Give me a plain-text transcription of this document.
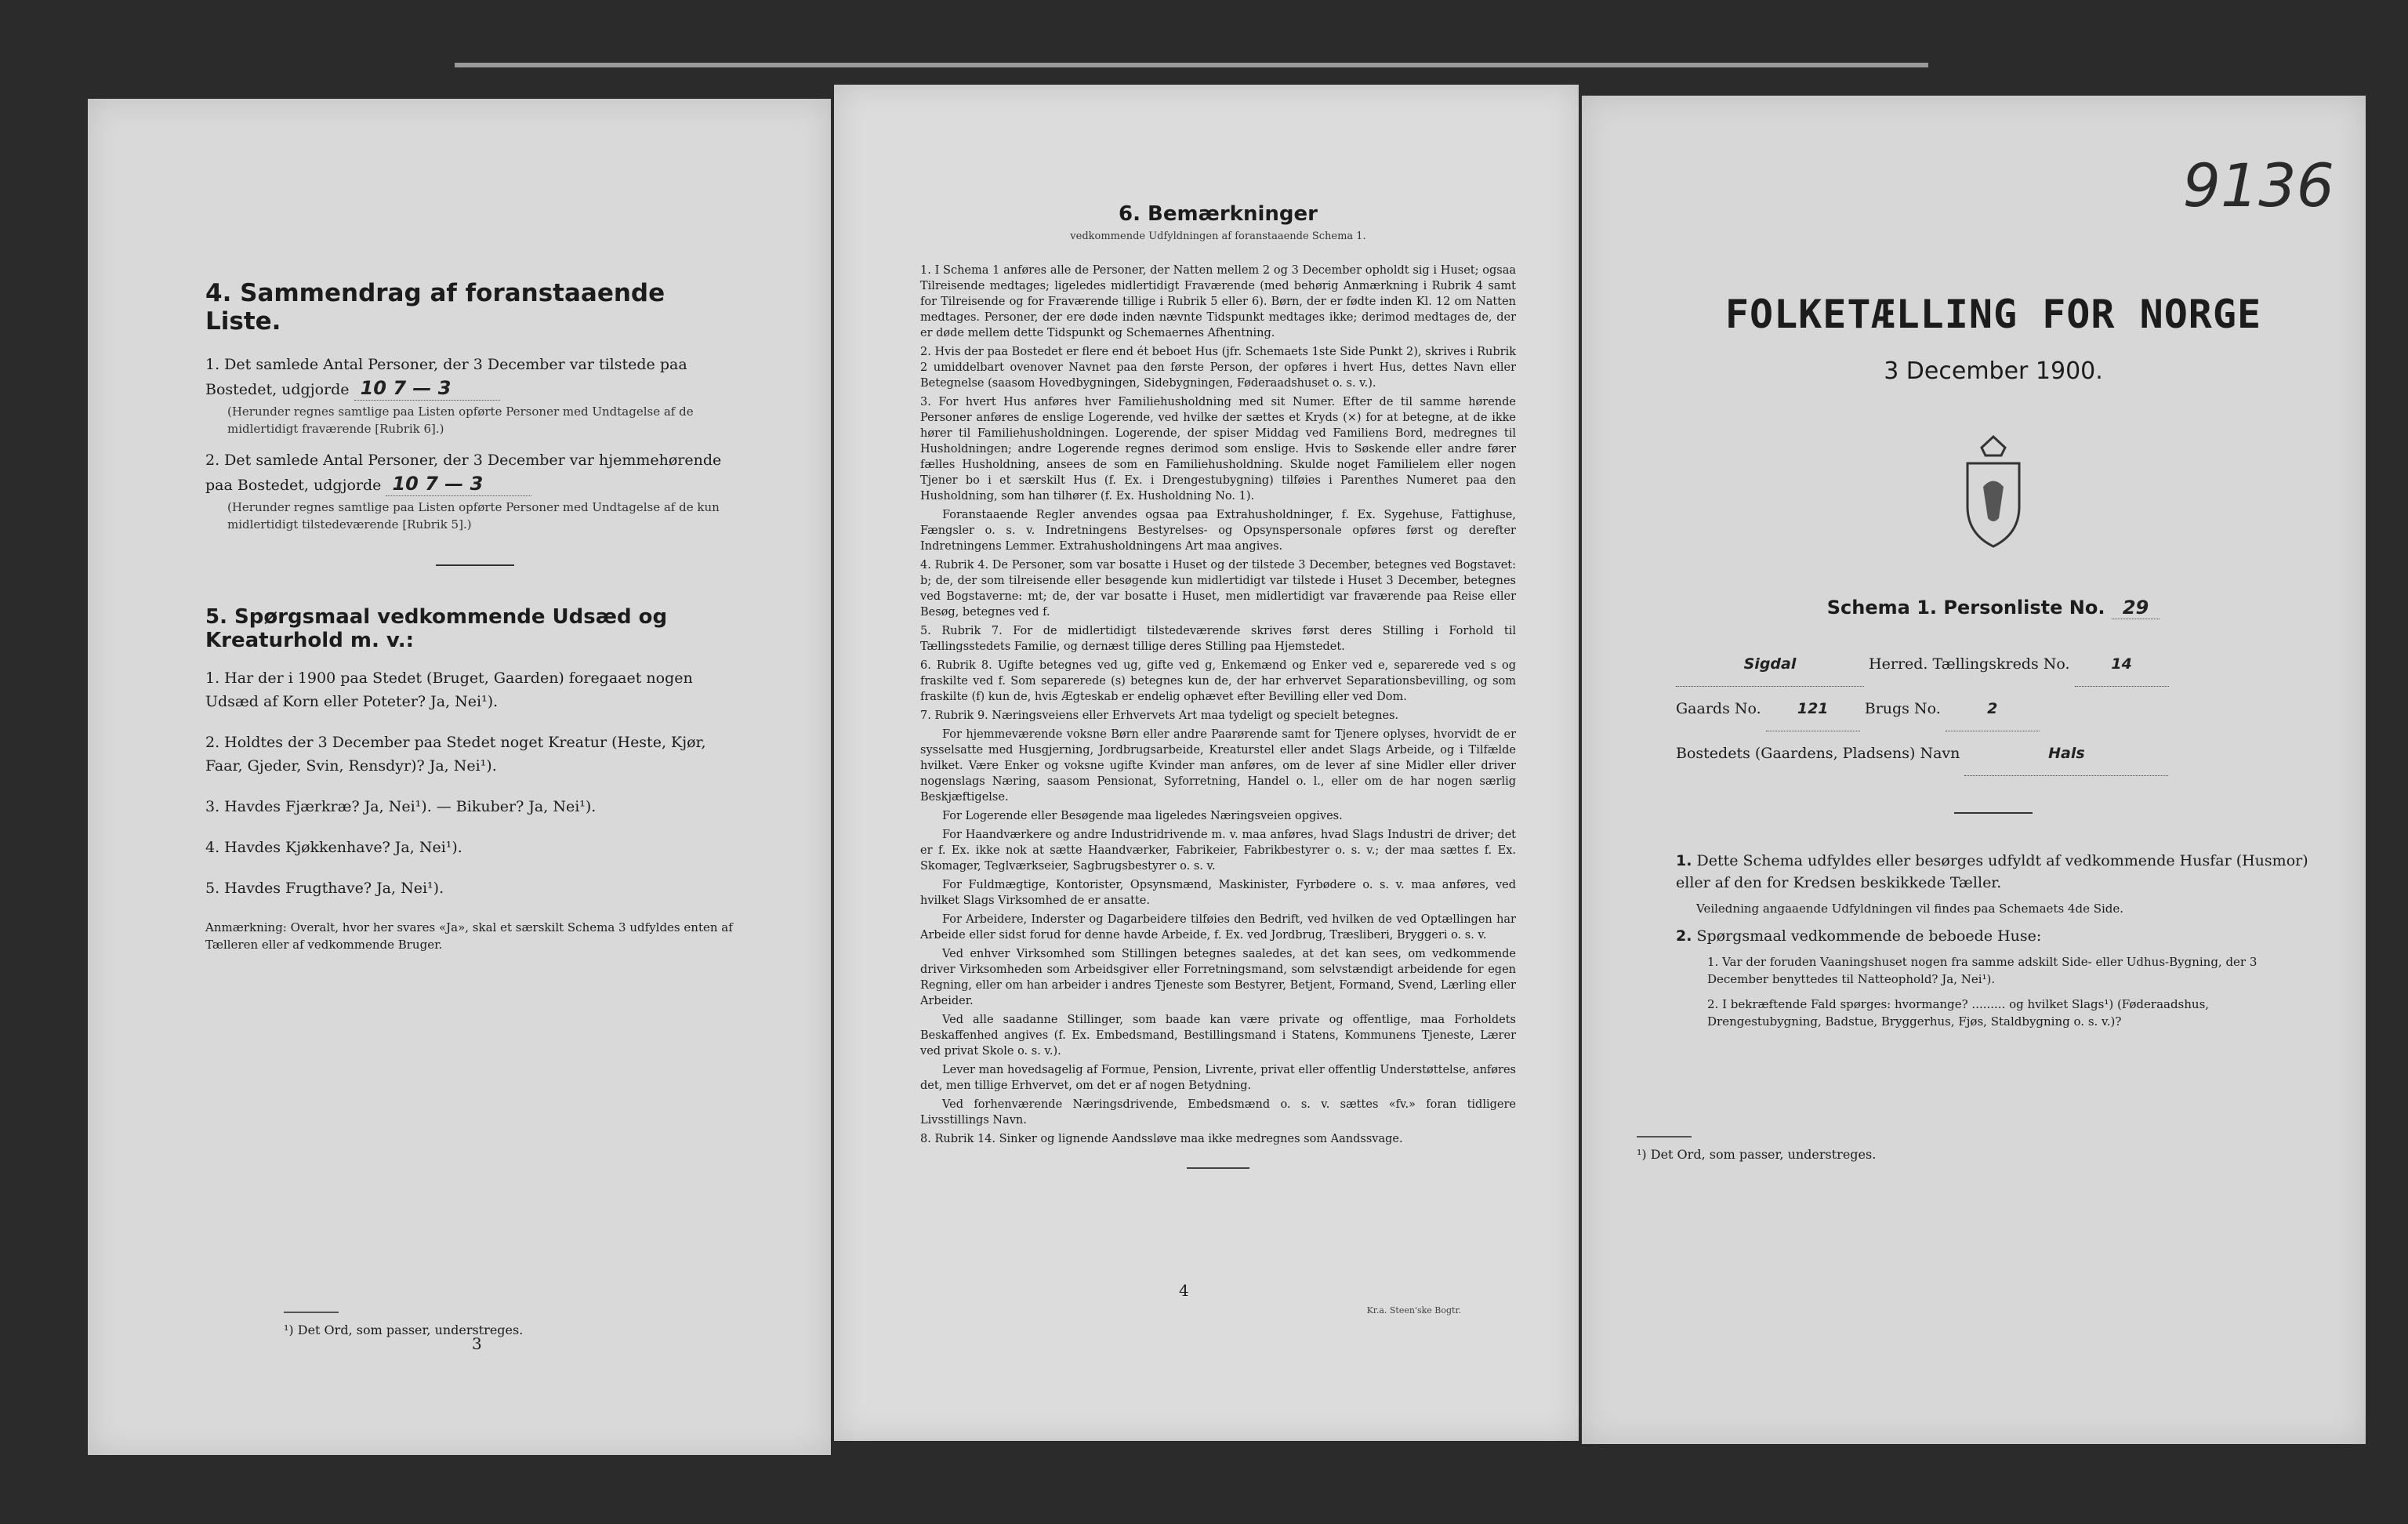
4. Sammendrag af foranstaaende Liste.

1. Det samlede Antal Personer, der 3 December var tilstede paa Bostedet, udgjorde 10 7 — 3

(Herunder regnes samtlige paa Listen opførte Personer med Undtagelse af de midlertidigt fraværende [Rubrik 6].)

2. Det samlede Antal Personer, der 3 December var hjemmehørende paa Bostedet, udgjorde 10 7 — 3

(Herunder regnes samtlige paa Listen opførte Personer med Undtagelse af de kun midlertidigt tilstedeværende [Rubrik 5].)

5. Spørgsmaal vedkommende Udsæd og Kreaturhold m. v.:

1. Har der i 1900 paa Stedet (Bruget, Gaarden) foregaaet nogen Udsæd af Korn eller Poteter? Ja, Nei¹).

2. Holdtes der 3 December paa Stedet noget Kreatur (Heste, Kjør, Faar, Gjeder, Svin, Rensdyr)? Ja, Nei¹).

3. Havdes Fjærkræ? Ja, Nei¹). — Bikuber? Ja, Nei¹).

4. Havdes Kjøkkenhave? Ja, Nei¹).

5. Havdes Frugthave? Ja, Nei¹).

Anmærkning: Overalt, hvor her svares «Ja», skal et særskilt Schema 3 udfyldes enten af Tælleren eller af vedkommende Bruger.

¹) Det Ord, som passer, understreges.
3
6. Bemærkninger

vedkommende Udfyldningen af foranstaaende Schema 1.

1. I Schema 1 anføres alle de Personer, der Natten mellem 2 og 3 December opholdt sig i Huset; ogsaa Tilreisende medtages; ligeledes midlertidigt Fraværende (med behørig Anmærkning i Rubrik 4 samt for Tilreisende og for Fraværende tillige i Rubrik 5 eller 6). Børn, der er fødte inden Kl. 12 om Natten medtages. Personer, der ere døde inden nævnte Tidspunkt medtages ikke; derimod medtages de, der er døde mellem dette Tidspunkt og Schemaernes Afhentning.

2. Hvis der paa Bostedet er flere end ét beboet Hus (jfr. Schemaets 1ste Side Punkt 2), skrives i Rubrik 2 umiddelbart ovenover Navnet paa den første Person, der opføres i hvert Hus, dettes Navn eller Betegnelse (saasom Hovedbygningen, Sidebygningen, Føderaadshuset o. s. v.).

3. For hvert Hus anføres hver Familiehusholdning med sit Numer. Efter de til samme hørende Personer anføres de enslige Logerende, ved hvilke der sættes et Kryds (×) for at betegne, at de ikke hører til Familiehusholdningen. Logerende, der spiser Middag ved Familiens Bord, medregnes til Husholdningen; andre Logerende regnes derimod som enslige. Hvis to Søskende eller andre fører fælles Husholdning, ansees de som en Familiehusholdning. Skulde noget Familielem eller nogen Tjener bo i et særskilt Hus (f. Ex. i Drengestubygning) tilføies i Parenthes Numeret paa den Husholdning, som han tilhører (f. Ex. Husholdning No. 1).

Foranstaaende Regler anvendes ogsaa paa Extrahusholdninger, f. Ex. Sygehuse, Fattighuse, Fængsler o. s. v. Indretningens Bestyrelses- og Opsynspersonale opføres først og derefter Indretningens Lemmer. Extrahusholdningens Art maa angives.

4. Rubrik 4. De Personer, som var bosatte i Huset og der tilstede 3 December, betegnes ved Bogstavet: b; de, der som tilreisende eller besøgende kun midlertidigt var tilstede i Huset 3 December, betegnes ved Bogstaverne: mt; de, der var bosatte i Huset, men midlertidigt var fraværende paa Reise eller Besøg, betegnes ved f.

5. Rubrik 7. For de midlertidigt tilstedeværende skrives først deres Stilling i Forhold til Tællingsstedets Familie, og dernæst tillige deres Stilling paa Hjemstedet.

6. Rubrik 8. Ugifte betegnes ved ug, gifte ved g, Enkemænd og Enker ved e, separerede ved s og fraskilte ved f. Som separerede (s) betegnes kun de, der har erhvervet Separationsbevilling, og som fraskilte (f) kun de, hvis Ægteskab er endelig ophævet efter Bevilling eller ved Dom.

7. Rubrik 9. Næringsveiens eller Erhvervets Art maa tydeligt og specielt betegnes.

For hjemmeværende voksne Børn eller andre Paarørende samt for Tjenere oplyses, hvorvidt de er sysselsatte med Husgjerning, Jordbrugsarbeide, Kreaturstel eller andet Slags Arbeide, og i Tilfælde hvilket. Være Enker og voksne ugifte Kvinder man anføres, om de lever af sine Midler eller driver nogenslags Næring, saasom Pensionat, Syforretning, Handel o. l., eller om de har nogen særlig Beskjæftigelse.

For Logerende eller Besøgende maa ligeledes Næringsveien opgives.

For Haandværkere og andre Industridrivende m. v. maa anføres, hvad Slags Industri de driver; det er f. Ex. ikke nok at sætte Haandværker, Fabrikeier, Fabrikbestyrer o. s. v.; der maa sættes f. Ex. Skomager, Teglværkseier, Sagbrugsbestyrer o. s. v.

For Fuldmægtige, Kontorister, Opsynsmænd, Maskinister, Fyrbødere o. s. v. maa anføres, ved hvilket Slags Virksomhed de er ansatte.

For Arbeidere, Inderster og Dagarbeidere tilføies den Bedrift, ved hvilken de ved Optællingen har Arbeide eller sidst forud for denne havde Arbeide, f. Ex. ved Jordbrug, Træsliberi, Bryggeri o. s. v.

Ved enhver Virksomhed som Stillingen betegnes saaledes, at det kan sees, om vedkommende driver Virksomheden som Arbeidsgiver eller Forretningsmand, som selvstændigt arbeidende for egen Regning, eller om han arbeider i andres Tjeneste som Bestyrer, Betjent, Formand, Svend, Lærling eller Arbeider.

Ved alle saadanne Stillinger, som baade kan være private og offentlige, maa Forholdets Beskaffenhed angives (f. Ex. Embedsmand, Bestillingsmand i Statens, Kommunens Tjeneste, Lærer ved privat Skole o. s. v.).

Lever man hovedsagelig af Formue, Pension, Livrente, privat eller offentlig Understøttelse, anføres det, men tillige Erhvervet, om det er af nogen Betydning.

Ved forhenværende Næringsdrivende, Embedsmænd o. s. v. sættes «fv.» foran tidligere Livsstillings Navn.

8. Rubrik 14. Sinker og lignende Aandssløve maa ikke medregnes som Aandssvage.

4
Kr.a. Steen'ske Bogtr.
9136
FOLKETÆLLING FOR NORGE
3 December 1900.
Schema 1. Personliste No. 29
Sigdal	Herred. Tællingskreds No.	14
Gaards No. 121 Brugs No.	2
Bostedets (Gaardens, Pladsens) Navn	Hals

1. Dette Schema udfyldes eller besørges udfyldt af vedkommende Husfar (Husmor) eller af den for Kredsen beskikkede Tæller.

Veiledning angaaende Udfyldningen vil findes paa Schemaets 4de Side.

2. Spørgsmaal vedkommende de beboede Huse:

1. Var der foruden Vaaningshuset nogen fra samme adskilt Side- eller Udhus-Bygning, der 3 December benyttedes til Natteophold? Ja, Nei¹).

2. I bekræftende Fald spørges: hvormange? ......... og hvilket Slags¹) (Føderaadshus, Drengestubygning, Badstue, Bryggerhus, Fjøs, Staldbygning o. s. v.)?

¹) Det Ord, som passer, understreges.
